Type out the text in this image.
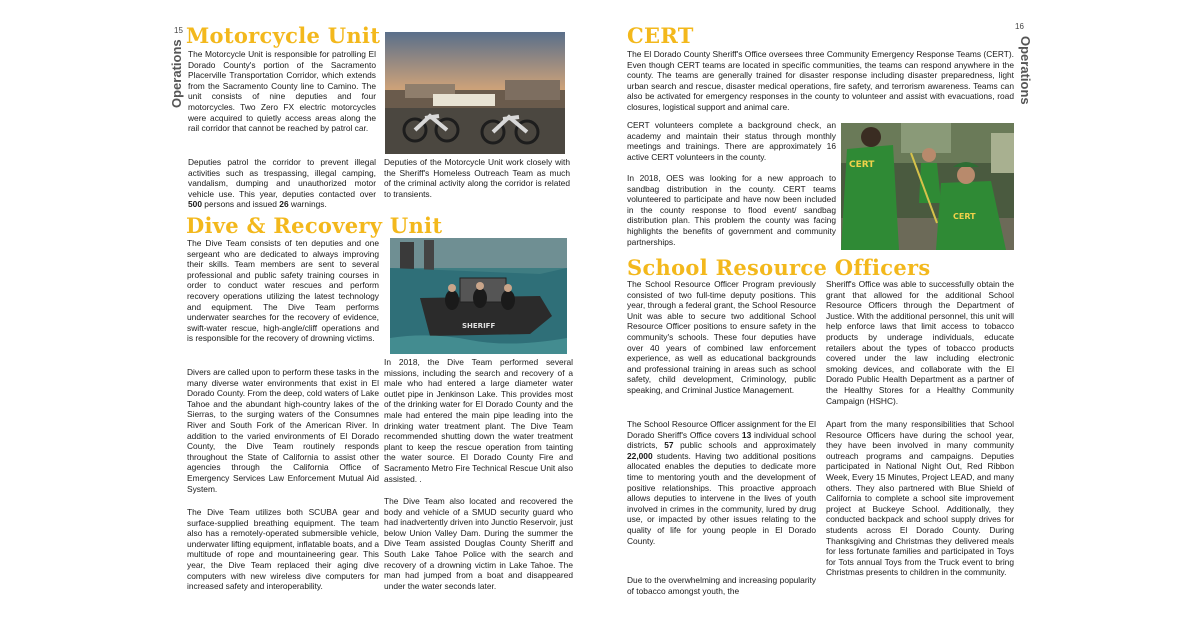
15
Operations
Motorcycle Unit

The Motorcycle Unit is responsible for patrolling El Dorado County's portion of the Sacramento Placerville Transportation Corridor, which extends from the Sacramento County line to Camino. The unit consists of nine deputies and four motorcycles. Two Zero FX electric motorcycles were acquired to quietly access areas along the rail corridor that cannot be reached by patrol car.

Deputies patrol the corridor to prevent illegal activities such as trespassing, illegal camping, vandalism, dumping and unauthorized motor vehicle use. This year, deputies contacted over 500 persons and issued 26 warnings.

Deputies of the Motorcycle Unit work closely with the Sheriff's Homeless Outreach Team as much of the criminal activity along the corridor is related to transients.

Dive & Recovery Unit

The Dive Team consists of ten deputies and one sergeant who are dedicated to always improving their skills. Team members are sent to several professional and public safety training courses in order to conduct water rescues and perform recovery operations utilizing the latest technology and equipment. The Dive Team performs underwater searches for the recovery of evidence, swift-water rescue, high-angle/cliff operations and is responsible for the recovery of drowning victims.

Divers are called upon to perform these tasks in the many diverse water environments that exist in El Dorado County. From the deep, cold waters of Lake Tahoe and the abundant high-country lakes of the Sierras, to the surging waters of the Consumnes River and South Fork of the American River. In addition to the varied environments of El Dorado County, the Dive Team routinely responds throughout the State of California to assist other agencies through the California Office of Emergency Services Law Enforcement Mutual Aid System.

The Dive Team utilizes both SCUBA gear and surface-supplied breathing equipment. The team also has a remotely-operated submersible vehicle, underwater lifting equipment, inflatable boats, and a multitude of rope and mountaineering gear. This year, the Dive Team replaced their aging dive computers with new wireless dive computers for increased safety and interoperability.

SHERIFF

In 2018, the Dive Team performed several missions, including the search and recovery of a male who had entered a large diameter water outlet pipe in Jenkinson Lake. This provides most of the drinking water for El Dorado County and the male had entered the main pipe leading into the drinking water treatment plant. The Dive Team recommended shutting down the water treatment plant to keep the rescue operation from tainting the water source. El Dorado County Fire and Sacramento Metro Fire Technical Rescue Unit also assisted. .

The Dive Team also located and recovered the body and vehicle of a SMUD security guard who had inadvertently driven into Junctio Reservoir, just below Union Valley Dam. During the summer the Dive Team assisted Douglas County Sheriff and South Lake Tahoe Police with the search and recovery of a drowning victim in Lake Tahoe. The man had jumped from a boat and disappeared under the water seconds later.

16
Operations
CERT

The El Dorado County Sheriff's Office oversees three Community Emergency Response Teams (CERT). Even though CERT teams are located in specific communities, the teams can respond anywhere in the county. The teams are generally trained for disaster response including disaster preparedness, light urban search and rescue, disaster medical operations, fire safety, and terrorism awareness. Teams can also be activated for emergency responses in the county to volunteer and assist with evacuations, road closures, logistical support and animal care.

CERT volunteers complete a background check, an academy and maintain their status through monthly meetings and trainings. There are approximately 16 active CERT volunteers in the county.

In 2018, OES was looking for a new approach to sandbag distribution in the county. CERT teams volunteered to participate and have now been included in the county response to flood event/ sandbag distribution plan. This problem the county was facing highlights the benefits of government and community partnerships.

CERT
CERT
School Resource Officers

The School Resource Officer Program previously consisted of two full-time deputy positions. This year, through a federal grant, the School Resource Unit was able to secure two additional School Resource Officer positions to ensure safety in the community's schools. These four deputies have over 40 years of combined law enforcement experience, as well as educational backgrounds and professional training in areas such as school safety, child development, Criminology, public speaking, and Criminal Justice Management.

The School Resource Officer assignment for the El Dorado Sheriff's Office covers 13 individual school districts, 57 public schools and approximately 22,000 students. Having two additional positions allocated enables the deputies to dedicate more time to mentoring youth and the development of positive relationships. This proactive approach allows deputies to intervene in the lives of youth involved in crimes in the community, lured by drug use, or impacted by other issues relating to the quality of life for young people in El Dorado County.

Due to the overwhelming and increasing popularity of tobacco amongst youth, the

Sheriff's Office was able to successfully obtain the grant that allowed for the additional School Resource Officers through the Department of Justice. With the additional personnel, this unit will help enforce laws that limit access to tobacco products by underage individuals, educate retailers about the types of tobacco products covered under the law including electronic smoking devices, and collaborate with the El Dorado Public Health Department as a partner of the Healthy Stores for a Healthy Community Campaign (HSHC).

Apart from the many responsibilities that School Resource Officers have during the school year, they have been involved in many community outreach programs and campaigns. Deputies participated in National Night Out, Red Ribbon Week, Every 15 Minutes, Project LEAD, and many others. They also partnered with Blue Shield of California to complete a school site improvement project at Buckeye School. Additionally, they conducted backpack and school supply drives for students across El Dorado County. During Thanksgiving and Christmas they delivered meals for less fortunate families and participated in Toys for Tots annual Toys from the Truck event to bring Christmas presents to children in the community.
